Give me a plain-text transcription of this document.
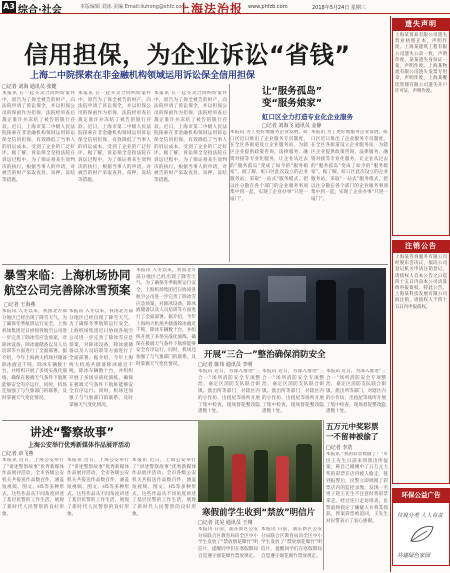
A3 综合·社会	本版编辑 刘冰 美编 Email:liuhong@shfz.com
上海法治报 www.phfzb.com	2018年5月24日 星期三
信用担保，为企业诉讼“省钱”
上海二中院探索在非金融机构领域运用诉讼保全信用担保
□记者 刘海 通讯员 张健
本报讯 在一起买卖合同纠纷案件中，原告为了保全被告的财产，向法院申请了诉讼保全，并以担保公司的保函作为担保，法院经审查后裁定准许并冻结了被告的银行存款。近日，上海市第二中级人民法院探索在非金融机构领域运用诉讼保全信用担保，有效降低了当事人的诉讼成本，受到了企业的广泛好评。据了解，诉讼保全是指法院在诉讼过程中，为了保证将来生效判决的执行，根据当事人的申请，对被告的财产采取查封、扣押、冻结等措施。
本报讯 在一起买卖合同纠纷案件中，原告为了保全被告的财产，向法院申请了诉讼保全，并以担保公司的保函作为担保，法院经审查后裁定准许并冻结了被告的银行存款。近日，上海市第二中级人民法院探索在非金融机构领域运用诉讼保全信用担保，有效降低了当事人的诉讼成本，受到了企业的广泛好评。据了解，诉讼保全是指法院在诉讼过程中，为了保证将来生效判决的执行，根据当事人的申请，对被告的财产采取查封、扣押、冻结等措施。
本报讯 在一起买卖合同纠纷案件中，原告为了保全被告的财产，向法院申请了诉讼保全，并以担保公司的保函作为担保，法院经审查后裁定准许并冻结了被告的银行存款。近日，上海市第二中级人民法院探索在非金融机构领域运用诉讼保全信用担保，有效降低了当事人的诉讼成本，受到了企业的广泛好评。据了解，诉讼保全是指法院在诉讼过程中，为了保证将来生效判决的执行，根据当事人的申请，对被告的财产采取查封、扣押、冻结等措施。
让“服务孤岛”
变“服务娘家”
虹口区全力打造专业化企业服务
□记者 刘海飞 通讯员 金静
本报讯 为了更好地服务企业发展，虹口区近日推出了企业服务专员制度，在全区各街道设立企业服务站，为辖区企业提供政策咨询、法律服务、融资对接等专业化服务，让企业从过去的“服务孤岛”变成了如今的“服务娘家”。据了解，虹口区此次设立的企业服务站，采取“一站式”服务模式，把以往分散在各个部门的企业服务事项集中到一起，实现了企业办事“只进一扇门”。
本报讯 为了更好地服务企业发展，虹口区近日推出了企业服务专员制度，在全区各街道设立企业服务站，为辖区企业提供政策咨询、法律服务、融资对接等专业化服务，让企业从过去的“服务孤岛”变成了如今的“服务娘家”。据了解，虹口区此次设立的企业服务站，采取“一站式”服务模式，把以往分散在各个部门的企业服务事项集中到一起，实现了企业办事“只进一扇门”。
暴雪来临：上海机场协同
航空公司完善除冰雪预案
□记者 王海燕
本报讯 入冬以来，我国北方部分地区已经出现了降雪天气。为了确保冬季航班运行安全，上海机场集团近日协同各航空公司进一步完善了除冰雪应急预案，对除冰设备、除冰液储备以及人员培训等方面进行了全面部署。据介绍，今年上海两大机场共储备除冰液近千吨，除冰车辆数十台，并组织开展了多场实战化演练，确保在极端天气条件下航班能够安全有序运行。同时，机场还加强了与气象部门的联系，及时掌握天气变化情况。
本报讯 入冬以来，我国北方部分地区已经出现了降雪天气。为了确保冬季航班运行安全，上海机场集团近日协同各航空公司进一步完善了除冰雪应急预案，对除冰设备、除冰液储备以及人员培训等方面进行了全面部署。据介绍，今年上海两大机场共储备除冰液近千吨，除冰车辆数十台，并组织开展了多场实战化演练，确保在极端天气条件下航班能够安全有序运行。同时，机场还加强了与气象部门的联系，及时掌握天气变化情况。
本报讯 入冬以来，我国北方部分地区已经出现了降雪天气。为了确保冬季航班运行安全，上海机场集团近日协同各航空公司进一步完善了除冰雪应急预案，对除冰设备、除冰液储备以及人员培训等方面进行了全面部署。据介绍，今年上海两大机场共储备除冰液近千吨，除冰车辆数十台，并组织开展了多场实战化演练，确保在极端天气条件下航班能够安全有序运行。同时，机场还加强了与气象部门的联系，及时掌握天气变化情况。
开展“三合一”整治确保消防安全
□记者 陈伟 通讯员 李明
本报讯 近日，为深入推进“三合一”场所消防安全专项整治，嘉定区消防支队联合街镇、派出所等部门，对辖区内的小作坊、出租屋等场所开展了集中检查，现场督促整改隐患数十处。
本报讯 近日，为深入推进“三合一”场所消防安全专项整治，嘉定区消防支队联合街镇、派出所等部门，对辖区内的小作坊、出租屋等场所开展了集中检查，现场督促整改隐患数十处。
本报讯 近日，为深入推进“三合一”场所消防安全专项整治，嘉定区消防支队联合街镇、派出所等部门，对辖区内的小作坊、出租屋等场所开展了集中检查，现场督促整改隐患数十处。
讲述“警察故事”
上海公安举行优秀新媒体作品展评活动
□记者 章飞燕
本报讯 近日，上海公安举行了“讲述警察故事”优秀新媒体作品展评活动，全市各级公安机关共报送作品数百件，涵盖短视频、图文、H5等多种形式。这些作品从不同角度讲述了基层民警的工作生活，展现了新时代人民警察的良好形象。
本报讯 近日，上海公安举行了“讲述警察故事”优秀新媒体作品展评活动，全市各级公安机关共报送作品数百件，涵盖短视频、图文、H5等多种形式。这些作品从不同角度讲述了基层民警的工作生活，展现了新时代人民警察的良好形象。
本报讯 近日，上海公安举行了“讲述警察故事”优秀新媒体作品展评活动，全市各级公安机关共报送作品数百件，涵盖短视频、图文、H5等多种形式。这些作品从不同角度讲述了基层民警的工作生活，展现了新时代人民警察的良好形象。	寒假前学生收到“禁放”明信片
□记者 沈昊 通讯员 王翔
本报讯 日前，浦东新区公安分局联合区教育局向全区中小学生发放了“禁放烟花爆竹”明信片，提醒同学们在寒假期间自觉遵守烟花爆竹禁放规定。
本报讯 日前，浦东新区公安分局联合区教育局向全区中小学生发放了“禁放烟花爆竹”明信片，提醒同学们在寒假期间自觉遵守烟花爆竹禁放规定。
五万元中奖彩票
一不留神被偷了
□记者 李浩
本报讯 “我的彩票被偷了！”市民王先生日前来到派出所报案，称自己刚刚中了五万元大奖的彩票在店内被人偷走。接到报警后，民警立即调阅了彩票店内的监控录像，发现一名男子趁王先生不注意时将彩票拿走。经过连日走访排查，民警最终锁定了嫌疑人并将其抓获，涉案彩票被追回，王先生对民警表示了衷心感谢。
遗失声明
上海某贸易有限公司遗失营业执照正本，声明作废。上海某建筑工程有限公司遗失公章一枚，声明作废。某某遗失身份证一张，声明作废。上海某物流有限公司遗失发票专用章，声明作废。上海某餐饮管理有限公司遗失开户许可证，声明作废。
注销公告
上海某咨询服务有限公司经股东会决议，拟向公司登记机关申请注销登记，请债权人自本公告之日起四十五日内向本公司清算组申报债权。特此公告。上海某科技发展有限公司拟注销，请债权人于四十五日内申报债权。
环保公益广告
垃圾分类 人人有责
共建绿色家园
